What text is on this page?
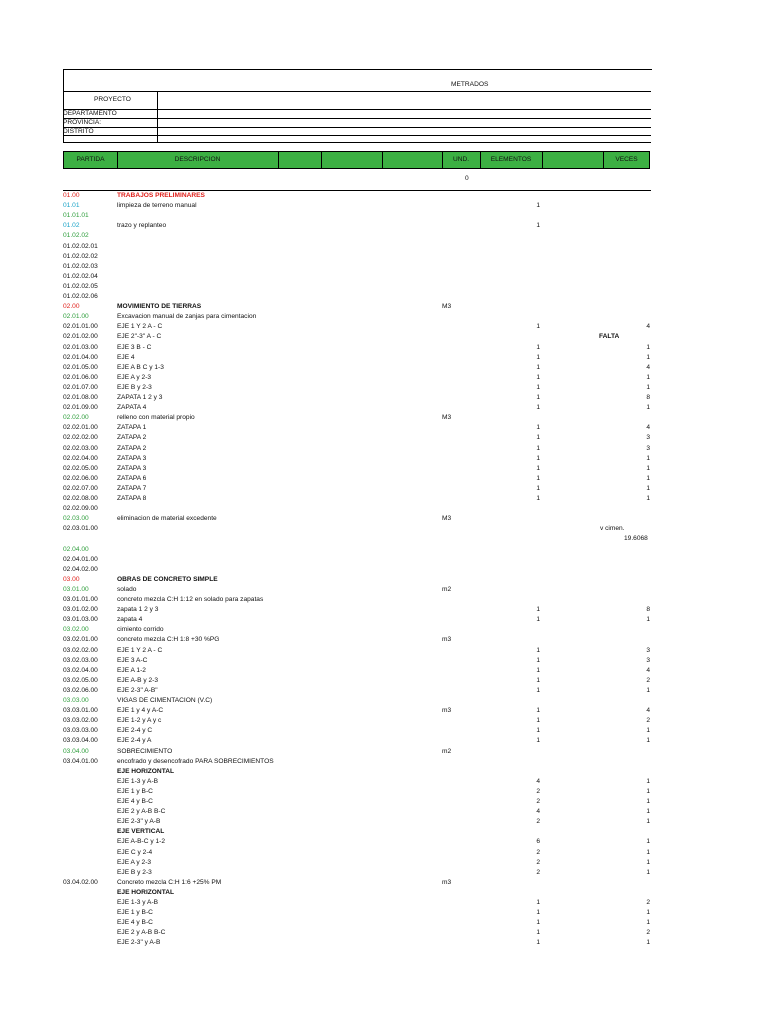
METRADOS
PROYECTO
DEPARTAMENTO
PROVINCIA:
DISTRITO
PARTIDA	DESCRIPCION	UND.	ELEMENTOS	VECES
0
01.00	TRABAJOS PRELIMINARES
01.01	limpieza de terreno manual	1
01.01.01
01.02	trazo y replanteo	1
01.02.02
01.02.02.01
01.02.02.02
01.02.02.03
01.02.02.04
01.02.02.05
01.02.02.06
02.00	MOVIMIENTO DE TIERRAS	M3
02.01.00	Excavacion manual de zanjas para cimentacion
02.01.01.00	EJE 1 Y 2 A - C	1	4
02.01.02.00	EJE 2"-3" A - C	FALTA
02.01.03.00	EJE 3 B - C	1	1
02.01.04.00	EJE 4	1	1
02.01.05.00	EJE A B C y 1-3	1	4
02.01.06.00	EJE A y 2-3	1	1
02.01.07.00	EJE B y 2-3	1	1
02.01.08.00	ZAPATA 1 2 y 3	1	8
02.01.09.00	ZAPATA 4	1	1
02.02.00	relleno con material propio	M3
02.02.01.00	ZATAPA 1	1	4
02.02.02.00	ZATAPA 2	1	3
02.02.03.00	ZATAPA 2	1	3
02.02.04.00	ZATAPA 3	1	1
02.02.05.00	ZATAPA 3	1	1
02.02.06.00	ZATAPA 6	1	1
02.02.07.00	ZATAPA 7	1	1
02.02.08.00	ZATAPA 8	1	1
02.02.09.00
02.03.00	eliminacion de material excedente	M3
02.03.01.00	v cimen.
19.6068
02.04.00
02.04.01.00
02.04.02.00
03.00	OBRAS DE CONCRETO SIMPLE
03.01.00	solado	m2
03.01.01.00	concreto mezcla C:H 1:12 en solado para zapatas
03.01.02.00	zapata 1 2 y 3	1	8
03.01.03.00	zapata 4	1	1
03.02.00	cimiento corrido
03.02.01.00	concreto mezcla C:H 1:8 +30 %PG	m3
03.02.02.00	EJE 1 Y 2 A - C	1	3
03.02.03.00	EJE 3 A-C	1	3
03.02.04.00	EJE A 1-2	1	4
03.02.05.00	EJE A-B y 2-3	1	2
03.02.06.00	EJE 2-3" A-B"	1	1
03.03.00	VIGAS DE CIMENTACION (V.C)
03.03.01.00	EJE 1 y 4 y A-C	m3	1	4
03.03.02.00	EJE 1-2 y A y c	1	2
03.03.03.00	EJE 2-4 y C	1	1
03.03.04.00	EJE 2-4 y A	1	1
03.04.00	SOBRECIMIENTO	m2
03.04.01.00	encofrado y desencofrado PARA SOBRECIMIENTOS
EJE HORIZONTAL
EJE 1-3 y A-B	4	1
EJE 1 y B-C	2	1
EJE 4 y B-C	2	1
EJE 2 y A-B B-C	4	1
EJE 2-3" y A-B	2	1
EJE VERTICAL
EJE A-B-C y 1-2	6	1
EJE C y 2-4	2	1
EJE A y 2-3	2	1
EJE B y 2-3	2	1
03.04.02.00	Concreto mezcla C:H 1:6 +25% PM	m3
EJE HORIZONTAL
EJE 1-3 y A-B	1	2
EJE 1 y B-C	1	1
EJE 4 y B-C	1	1
EJE 2 y A-B B-C	1	2
EJE 2-3" y A-B	1	1
